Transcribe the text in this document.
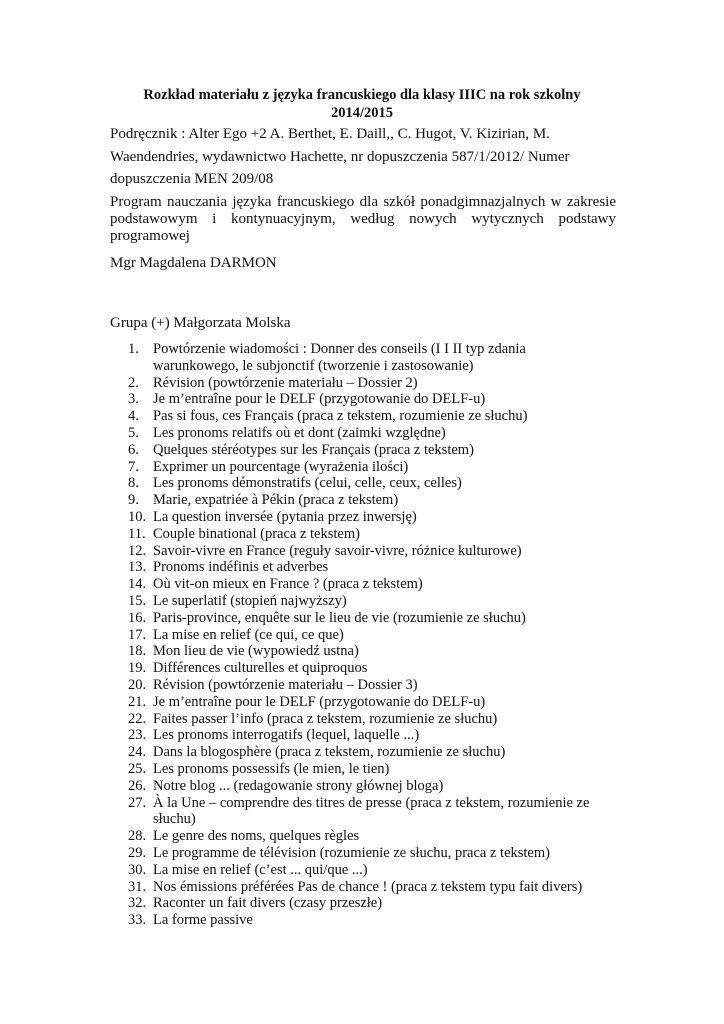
Rozkład materiału z języka francuskiego dla klasy IIIC na rok szkolny
2014/2015
Podręcznik : Alter Ego +2 A. Berthet, E. Daill,, C. Hugot, V. Kizirian, M.
Waendendries, wydawnictwo Hachette, nr dopuszczenia 587/1/2012/ Numer
dopuszczenia MEN 209/08
Program nauczania języka francuskiego dla szkół ponadgimnazjalnych w zakresie
podstawowym i kontynuacyjnym, według nowych wytycznych podstawy
programowej
Mgr Magdalena DARMON
Grupa (+) Małgorzata Molska
1. Powtórzenie wiadomości : Donner des conseils (I I II typ zdania
warunkowego, le subjonctif (tworzenie i zastosowanie)
2. Révision (powtórzenie materiału – Dossier 2)
3. Je m’entraîne pour le DELF (przygotowanie do DELF-u)
4. Pas si fous, ces Français (praca z tekstem, rozumienie ze słuchu)
5. Les pronoms relatifs où et dont (zaimki względne)
6. Quelques stéréotypes sur les Français (praca z tekstem)
7. Exprimer un pourcentage (wyrażenia ilości)
8. Les pronoms démonstratifs (celui, celle, ceux, celles)
9. Marie, expatriée à Pékin (praca z tekstem)
10. La question inversée (pytania przez inwersję)
11. Couple binational (praca z tekstem)
12. Savoir-vivre en France (reguły savoir-vivre, różnice kulturowe)
13. Pronoms indéfinis et adverbes
14. Où vit-on mieux en France ? (praca z tekstem)
15. Le superlatif (stopień najwyższy)
16. Paris-province, enquête sur le lieu de vie (rozumienie ze słuchu)
17. La mise en relief (ce qui, ce que)
18. Mon lieu de vie (wypowiedź ustna)
19. Différences culturelles et quiproquos
20. Révision (powtórzenie materiału – Dossier 3)
21. Je m’entraîne pour le DELF (przygotowanie do DELF-u)
22. Faites passer l’info (praca z tekstem, rozumienie ze słuchu)
23. Les pronoms interrogatifs (lequel, laquelle ...)
24. Dans la blogosphère (praca z tekstem, rozumienie ze słuchu)
25. Les pronoms possessifs (le mien, le tien)
26. Notre blog ... (redagowanie strony głównej bloga)
27. À la Une – comprendre des titres de presse (praca z tekstem, rozumienie ze
słuchu)
28. Le genre des noms, quelques règles
29. Le programme de télévision (rozumienie ze słuchu, praca z tekstem)
30. La mise en relief (c’est ... qui/que ...)
31. Nos émissions préférées Pas de chance ! (praca z tekstem typu fait divers)
32. Raconter un fait divers (czasy przeszłe)
33. La forme passive
